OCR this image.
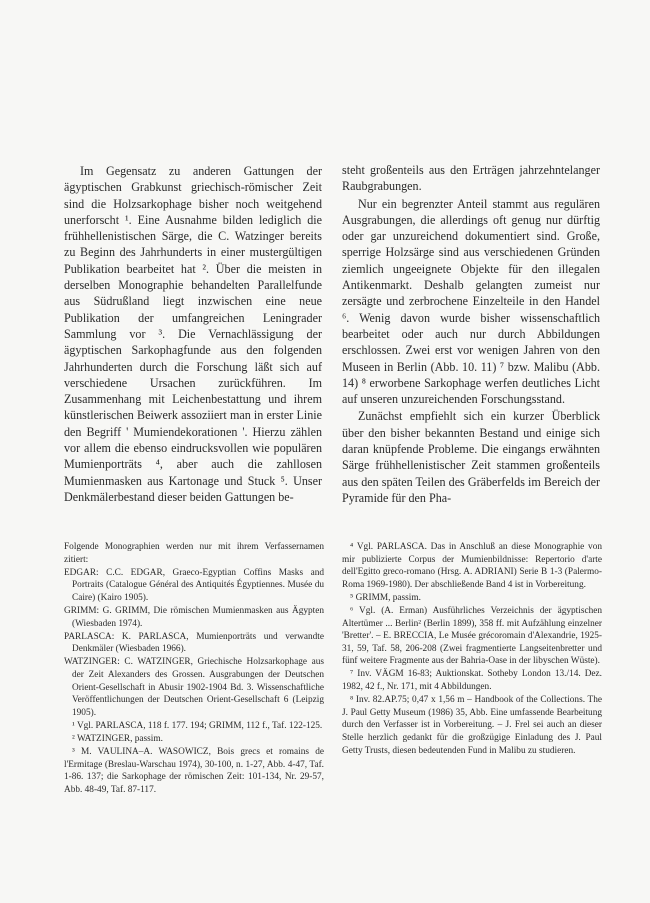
Im Gegensatz zu anderen Gattungen der ägyptischen Grabkunst griechisch-römischer Zeit sind die Holzsarkophage bisher noch weitgehend unerforscht ¹. Eine Ausnahme bilden lediglich die frühhellenistischen Särge, die C. Watzinger bereits zu Beginn des Jahrhunderts in einer mustergültigen Publikation bearbeitet hat ². Über die meisten in derselben Monographie behandelten Parallelfunde aus Südrußland liegt inzwischen eine neue Publikation der umfangreichen Leningrader Sammlung vor ³. Die Vernachlässigung der ägyptischen Sarkophagfunde aus den folgenden Jahrhunderten durch die Forschung läßt sich auf verschiedene Ursachen zurückführen. Im Zusammenhang mit Leichenbestattung und ihrem künstlerischen Beiwerk assoziiert man in erster Linie den Begriff ' Mumiendekorationen '. Hierzu zählen vor allem die ebenso eindrucksvollen wie populären Mumienporträts ⁴, aber auch die zahllosen Mumienmasken aus Kartonage und Stuck ⁵. Unser Denkmälerbestand dieser beiden Gattungen be-

steht großenteils aus den Erträgen jahrzehntelanger Raubgrabungen.

Nur ein begrenzter Anteil stammt aus regulären Ausgrabungen, die allerdings oft genug nur dürftig oder gar unzureichend dokumentiert sind. Große, sperrige Holzsärge sind aus verschiedenen Gründen ziemlich ungeeignete Objekte für den illegalen Antikenmarkt. Deshalb gelangten zumeist nur zersägte und zerbrochene Einzelteile in den Handel ⁶. Wenig davon wurde bisher wissenschaftlich bearbeitet oder auch nur durch Abbildungen erschlossen. Zwei erst vor wenigen Jahren von den Museen in Berlin (Abb. 10. 11) ⁷ bzw. Malibu (Abb. 14) ⁸ erworbene Sarkophage werfen deutliches Licht auf unseren unzureichenden Forschungsstand.

Zunächst empfiehlt sich ein kurzer Überblick über den bisher bekannten Bestand und einige sich daran knüpfende Probleme. Die eingangs erwähnten Särge frühhellenistischer Zeit stammen großenteils aus den späten Teilen des Gräberfelds im Bereich der Pyramide für den Pha-

Folgende Monographien werden nur mit ihrem Verfassernamen zitiert:

EDGAR: C.C. EDGAR, Graeco-Egyptian Coffins Masks and Portraits (Catalogue Général des Antiquités Égyptiennes. Musée du Caire) (Kairo 1905).

GRIMM: G. GRIMM, Die römischen Mumienmasken aus Ägypten (Wiesbaden 1974).

PARLASCA: K. PARLASCA, Mumienporträts und verwandte Denkmäler (Wiesbaden 1966).

WATZINGER: C. WATZINGER, Griechische Holzsarkophage aus der Zeit Alexanders des Grossen. Ausgrabungen der Deutschen Orient-Gesellschaft in Abusir 1902-1904 Bd. 3. Wissenschaftliche Veröffentlichungen der Deutschen Orient-Gesellschaft 6 (Leipzig 1905).

¹ Vgl. PARLASCA, 118 f. 177. 194; GRIMM, 112 f., Taf. 122-125.

² WATZINGER, passim.

³ M. VAULINA–A. WASOWICZ, Bois grecs et romains de l'Ermitage (Breslau-Warschau 1974), 30-100, n. 1-27, Abb. 4-47, Taf. 1-86. 137; die Sarkophage der römischen Zeit: 101-134, Nr. 29-57, Abb. 48-49, Taf. 87-117.

⁴ Vgl. PARLASCA. Das in Anschluß an diese Monographie von mir publizierte Corpus der Mumienbildnisse: Repertorio d'arte dell'Egitto greco-romano (Hrsg. A. ADRIANI) Serie B 1-3 (Palermo-Roma 1969-1980). Der abschließende Band 4 ist in Vorbereitung.

⁵ GRIMM, passim.

⁶ Vgl. (A. Erman) Ausführliches Verzeichnis der ägyptischen Altertümer ... Berlin² (Berlin 1899), 358 ff. mit Aufzählung einzelner 'Bretter'. – E. BRECCIA, Le Musée grécoromain d'Alexandrie, 1925-31, 59, Taf. 58, 206-208 (Zwei fragmentierte Langseitenbretter und fünf weitere Fragmente aus der Bahria-Oase in der libyschen Wüste).

⁷ Inv. VÄGM 16-83; Auktionskat. Sotheby London 13./14. Dez. 1982, 42 f., Nr. 171, mit 4 Abbildungen.

⁸ Inv. 82.AP.75; 0,47 x 1,56 m – Handbook of the Collections. The J. Paul Getty Museum (1986) 35, Abb. Eine umfassende Bearbeitung durch den Verfasser ist in Vorbereitung. – J. Frel sei auch an dieser Stelle herzlich gedankt für die großzügige Einladung des J. Paul Getty Trusts, diesen bedeutenden Fund in Malibu zu studieren.
